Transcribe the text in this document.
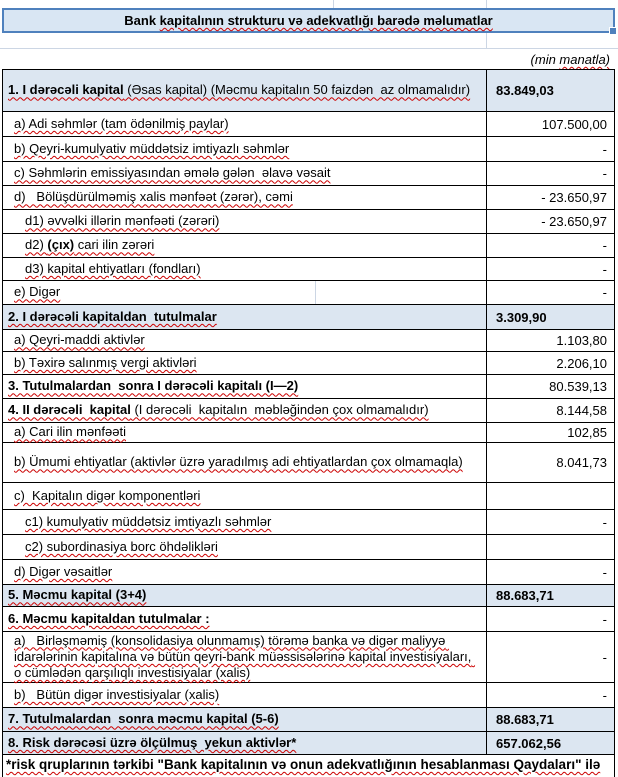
Bank kapitalının strukturu və adekvatlığı barədə məlumatlar
(min manatla)
1. I dərəcəli kapital (Əsas kapital) (Məcmu kapitalın 50 faizdən  az olmamalıdır) 83.849,03
a) Adi səhmlər (tam ödənilmiş paylar)	107.500,00
b) Qeyri-kumulyativ müddətsiz imtiyazlı səhmlər	-
c) Səhmlərin emissiyasından əmələ gələn  əlavə vəsait	-
d)   Bölüşdürülməmiş xalis mənfəət (zərər), cəmi	- 23.650,97
d1) əvvəlki illərin mənfəəti (zərəri)	- 23.650,97
d2) (çıx) cari ilin zərəri	-
d3) kapital ehtiyatları (fondları)	-
e) Digər	-
2. I dərəcəli kapitaldan  tutulmalar	3.309,90
a) Qeyri-maddi aktivlər	1.103,80
b) Təxirə salınmış vergi aktivləri	2.206,10
3. Tutulmalardan  sonra I dərəcəli kapitalı (I—2)	80.539,13
4. II dərəcəli  kapital (I dərəcəli  kapitalın  məbləğindən çox olmamalıdır)	8.144,58
a) Cari ilin mənfəəti	102,85
b) Ümumi ehtiyatlar (aktivlər üzrə yaradılmış adi ehtiyatlardan çox olmamaqla)	8.041,73
c)  Kapitalın digər komponentləri
c1) kumulyativ müddətsiz imtiyazlı səhmlər	-
c2) subordinasiya borc öhdəlikləri
d) Digər vəsaitlər	-
5. Məcmu kapital (3+4)	88.683,71
6. Məcmu kapitaldan tutulmalar :	-
a)   Birləşməmiş (konsolidasiya olunmamış) törəmə banka və digər maliyyə idarələrinin kapitalına və bütün qeyri-bank müəssisələrinə kapital investisiyaları, o cümlədən qarşılıqlı investisiyalar (xalis)
-
b)   Bütün digər investisiyalar (xalis)	-
7. Tutulmalardan  sonra məcmu kapital (5-6)	88.683,71
8. Risk dərəcəsi üzrə ölçülmuş  yekun aktivlər*	657.062,56
*risk qruplarının tərkibi "Bank kapitalının və onun adekvatlığının hesablanması Qaydaları" ilə
